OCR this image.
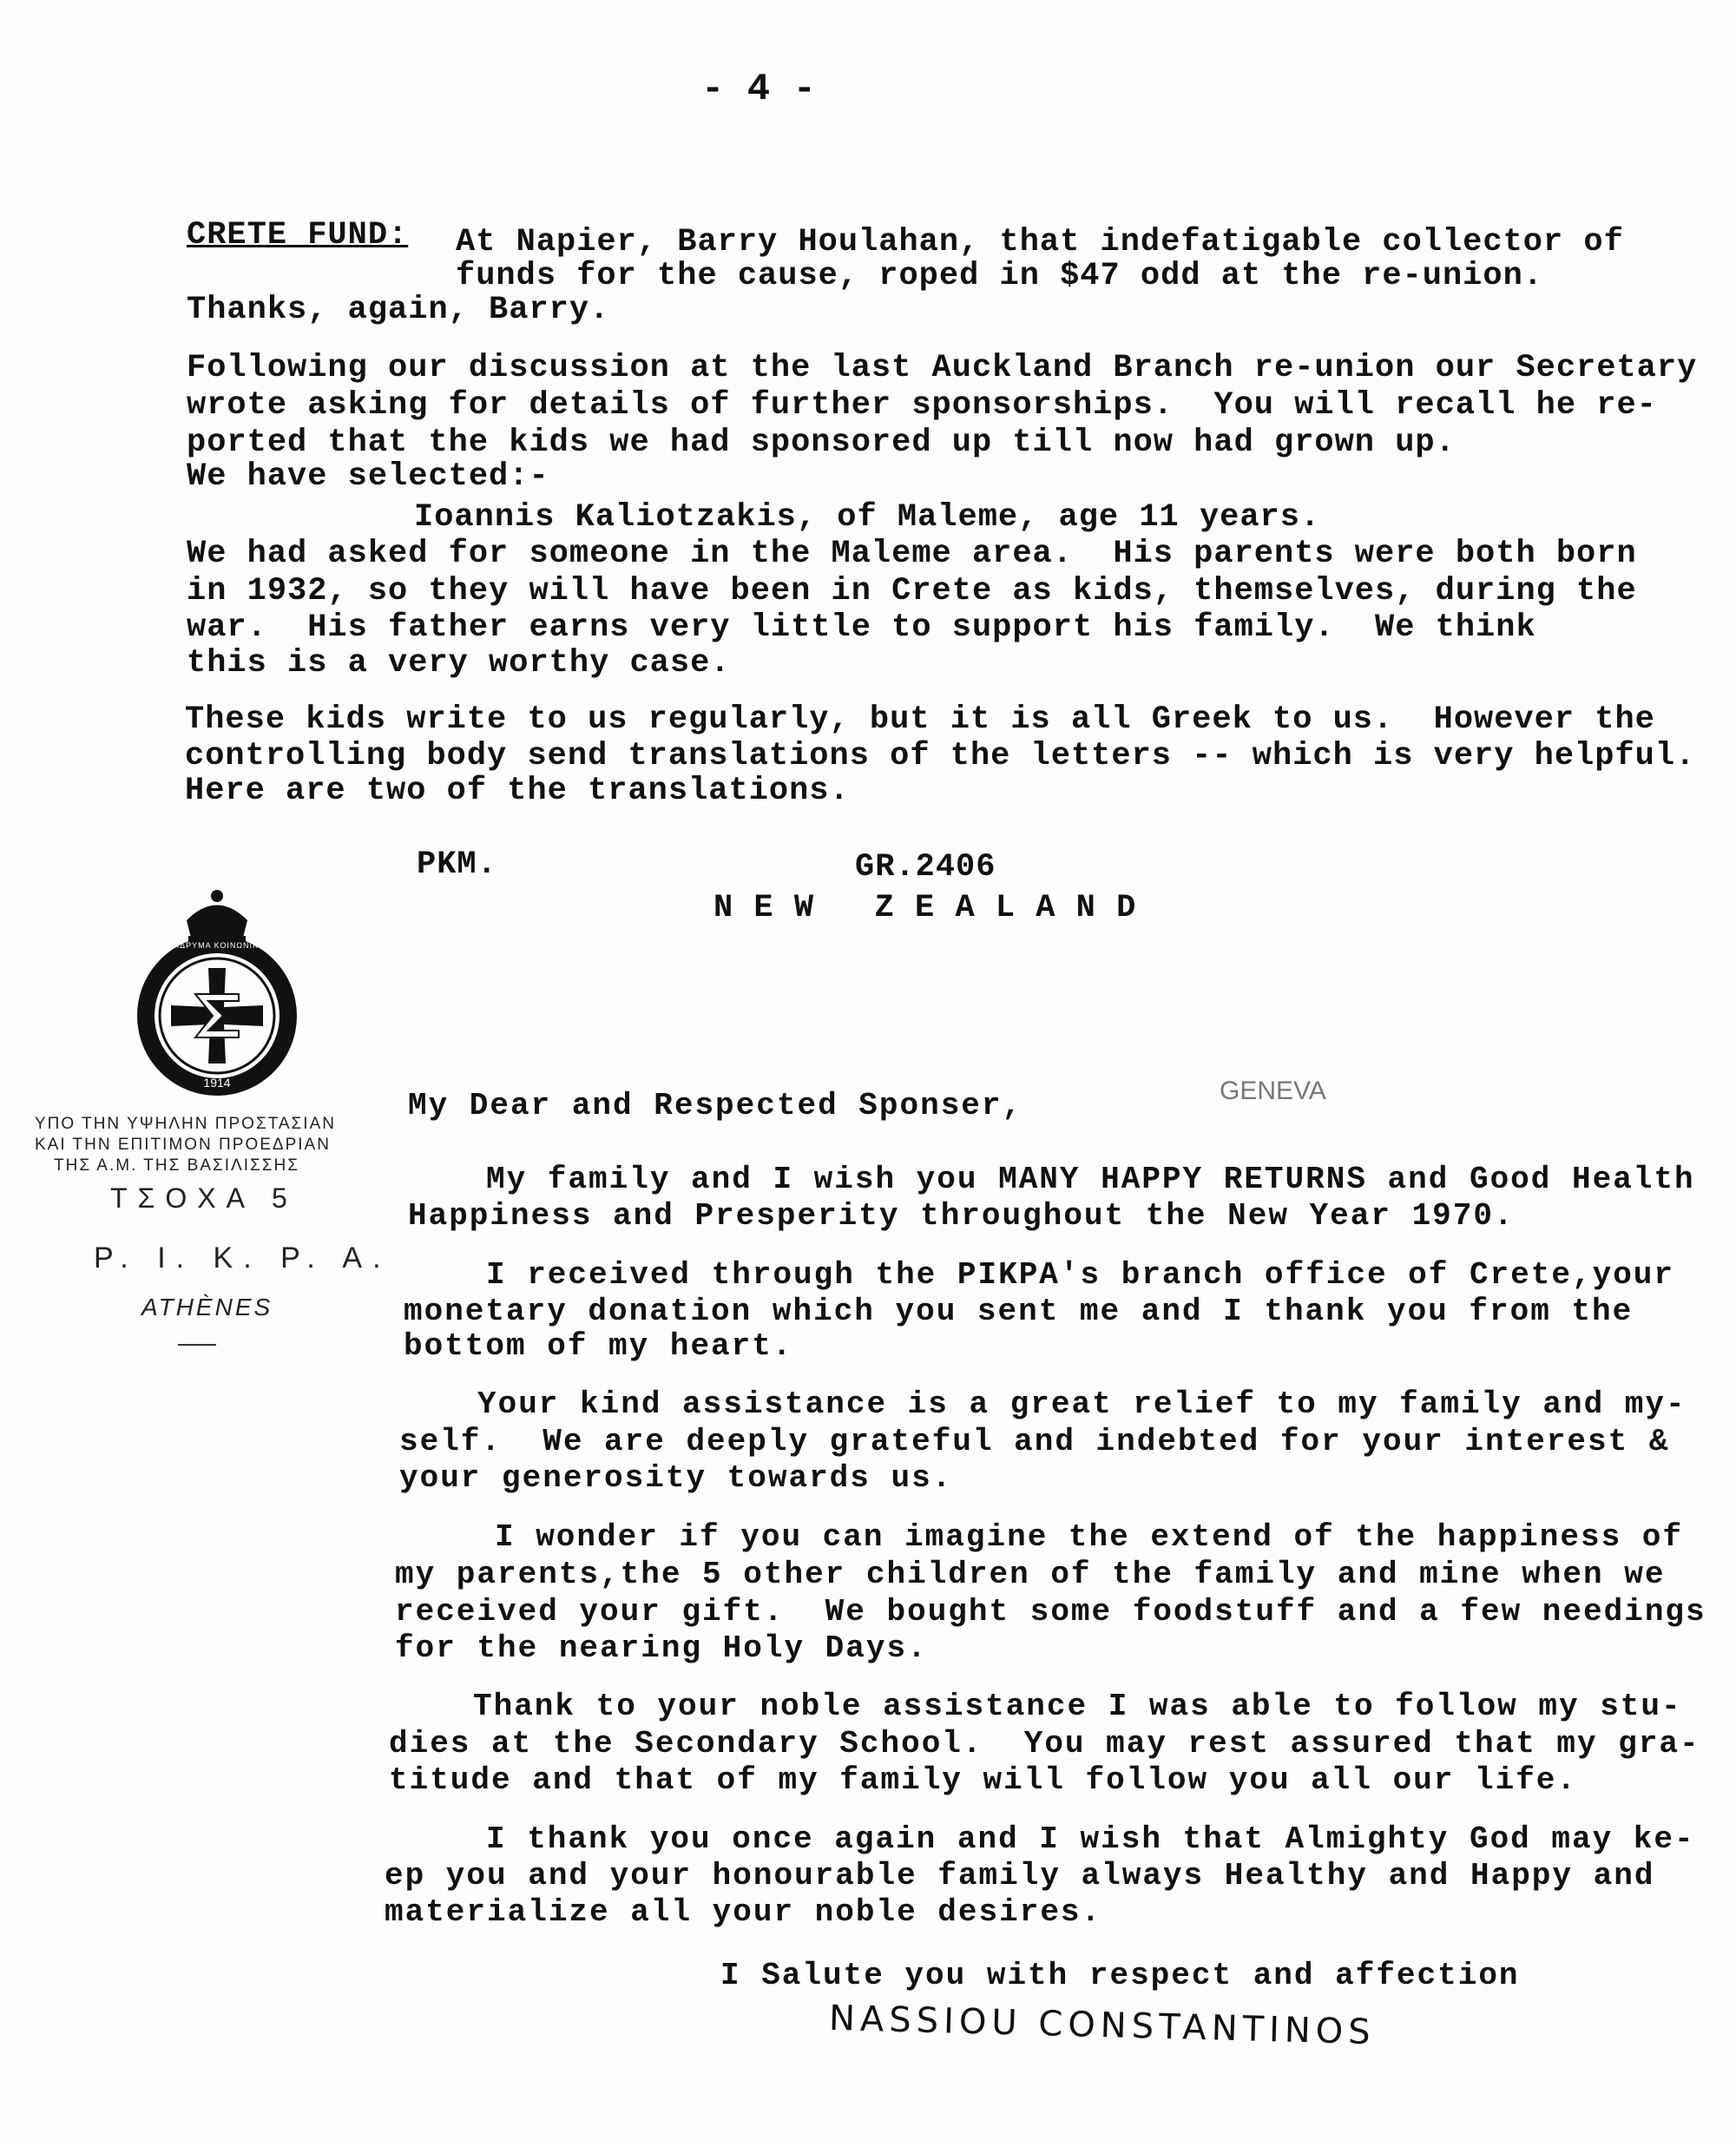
- 4 -
CRETE FUND: At Napier, Barry Houlahan, that indefatigable collector of
funds for the cause, roped in $47 odd at the re-union.
Thanks, again, Barry.
Following our discussion at the last Auckland Branch re-union our Secretary
wrote asking for details of further sponsorships.  You will recall he re-
ported that the kids we had sponsored up till now had grown up.
We have selected:-
Ioannis Kaliotzakis, of Maleme, age 11 years.
We had asked for someone in the Maleme area.  His parents were both born
in 1932, so they will have been in Crete as kids, themselves, during the
war.  His father earns very little to support his family.  We think
this is a very worthy case.
These kids write to us regularly, but it is all Greek to us.  However the
controlling body send translations of the letters -- which is very helpful.
Here are two of the translations.
PKM.	GR.2406
N E W   Z E A L A N D
GENEVA
1914
ΠΑΤΡΙΩΤΙΚΟΝ ΙΔΡΥΜΑ ΚΟΙΝΩΝΙΚΗΣ ΠΡΟΝΟΙΑΣ
ΥΠΟ ΤΗΝ ΥΨΗΛΗΝ ΠΡΟΣΤΑΣΙΑΝ
ΚΑΙ ΤΗΝ ΕΠΙΤΙΜΟΝ ΠΡΟΕΔΡΙΑΝ
ΤΗΣ Α.Μ. ΤΗΣ ΒΑΣΙΛΙΣΣΗΣ
ΤΣΟΧΑ 5
P. I. K. P. A.
ATHÈNES
My Dear and Respected Sponser,
My family and I wish you MANY HAPPY RETURNS and Good Health
Happiness and Presperity throughout the New Year 1970.
I received through the PIKPA's branch office of Crete,your
monetary donation which you sent me and I thank you from the
bottom of my heart.
Your kind assistance is a great relief to my family and my-
self.  We are deeply grateful and indebted for your interest &
your generosity towards us.
I wonder if you can imagine the extend of the happiness of
my parents,the 5 other children of the family and mine when we
received your gift.  We bought some foodstuff and a few needings
for the nearing Holy Days.
Thank to your noble assistance I was able to follow my stu-
dies at the Secondary School.  You may rest assured that my gra-
titude and that of my family will follow you all our life.
I thank you once again and I wish that Almighty God may ke-
ep you and your honourable family always Healthy and Happy and
materialize all your noble desires.
I Salute you with respect and affection
NASSIOU CONSTANTINOS
